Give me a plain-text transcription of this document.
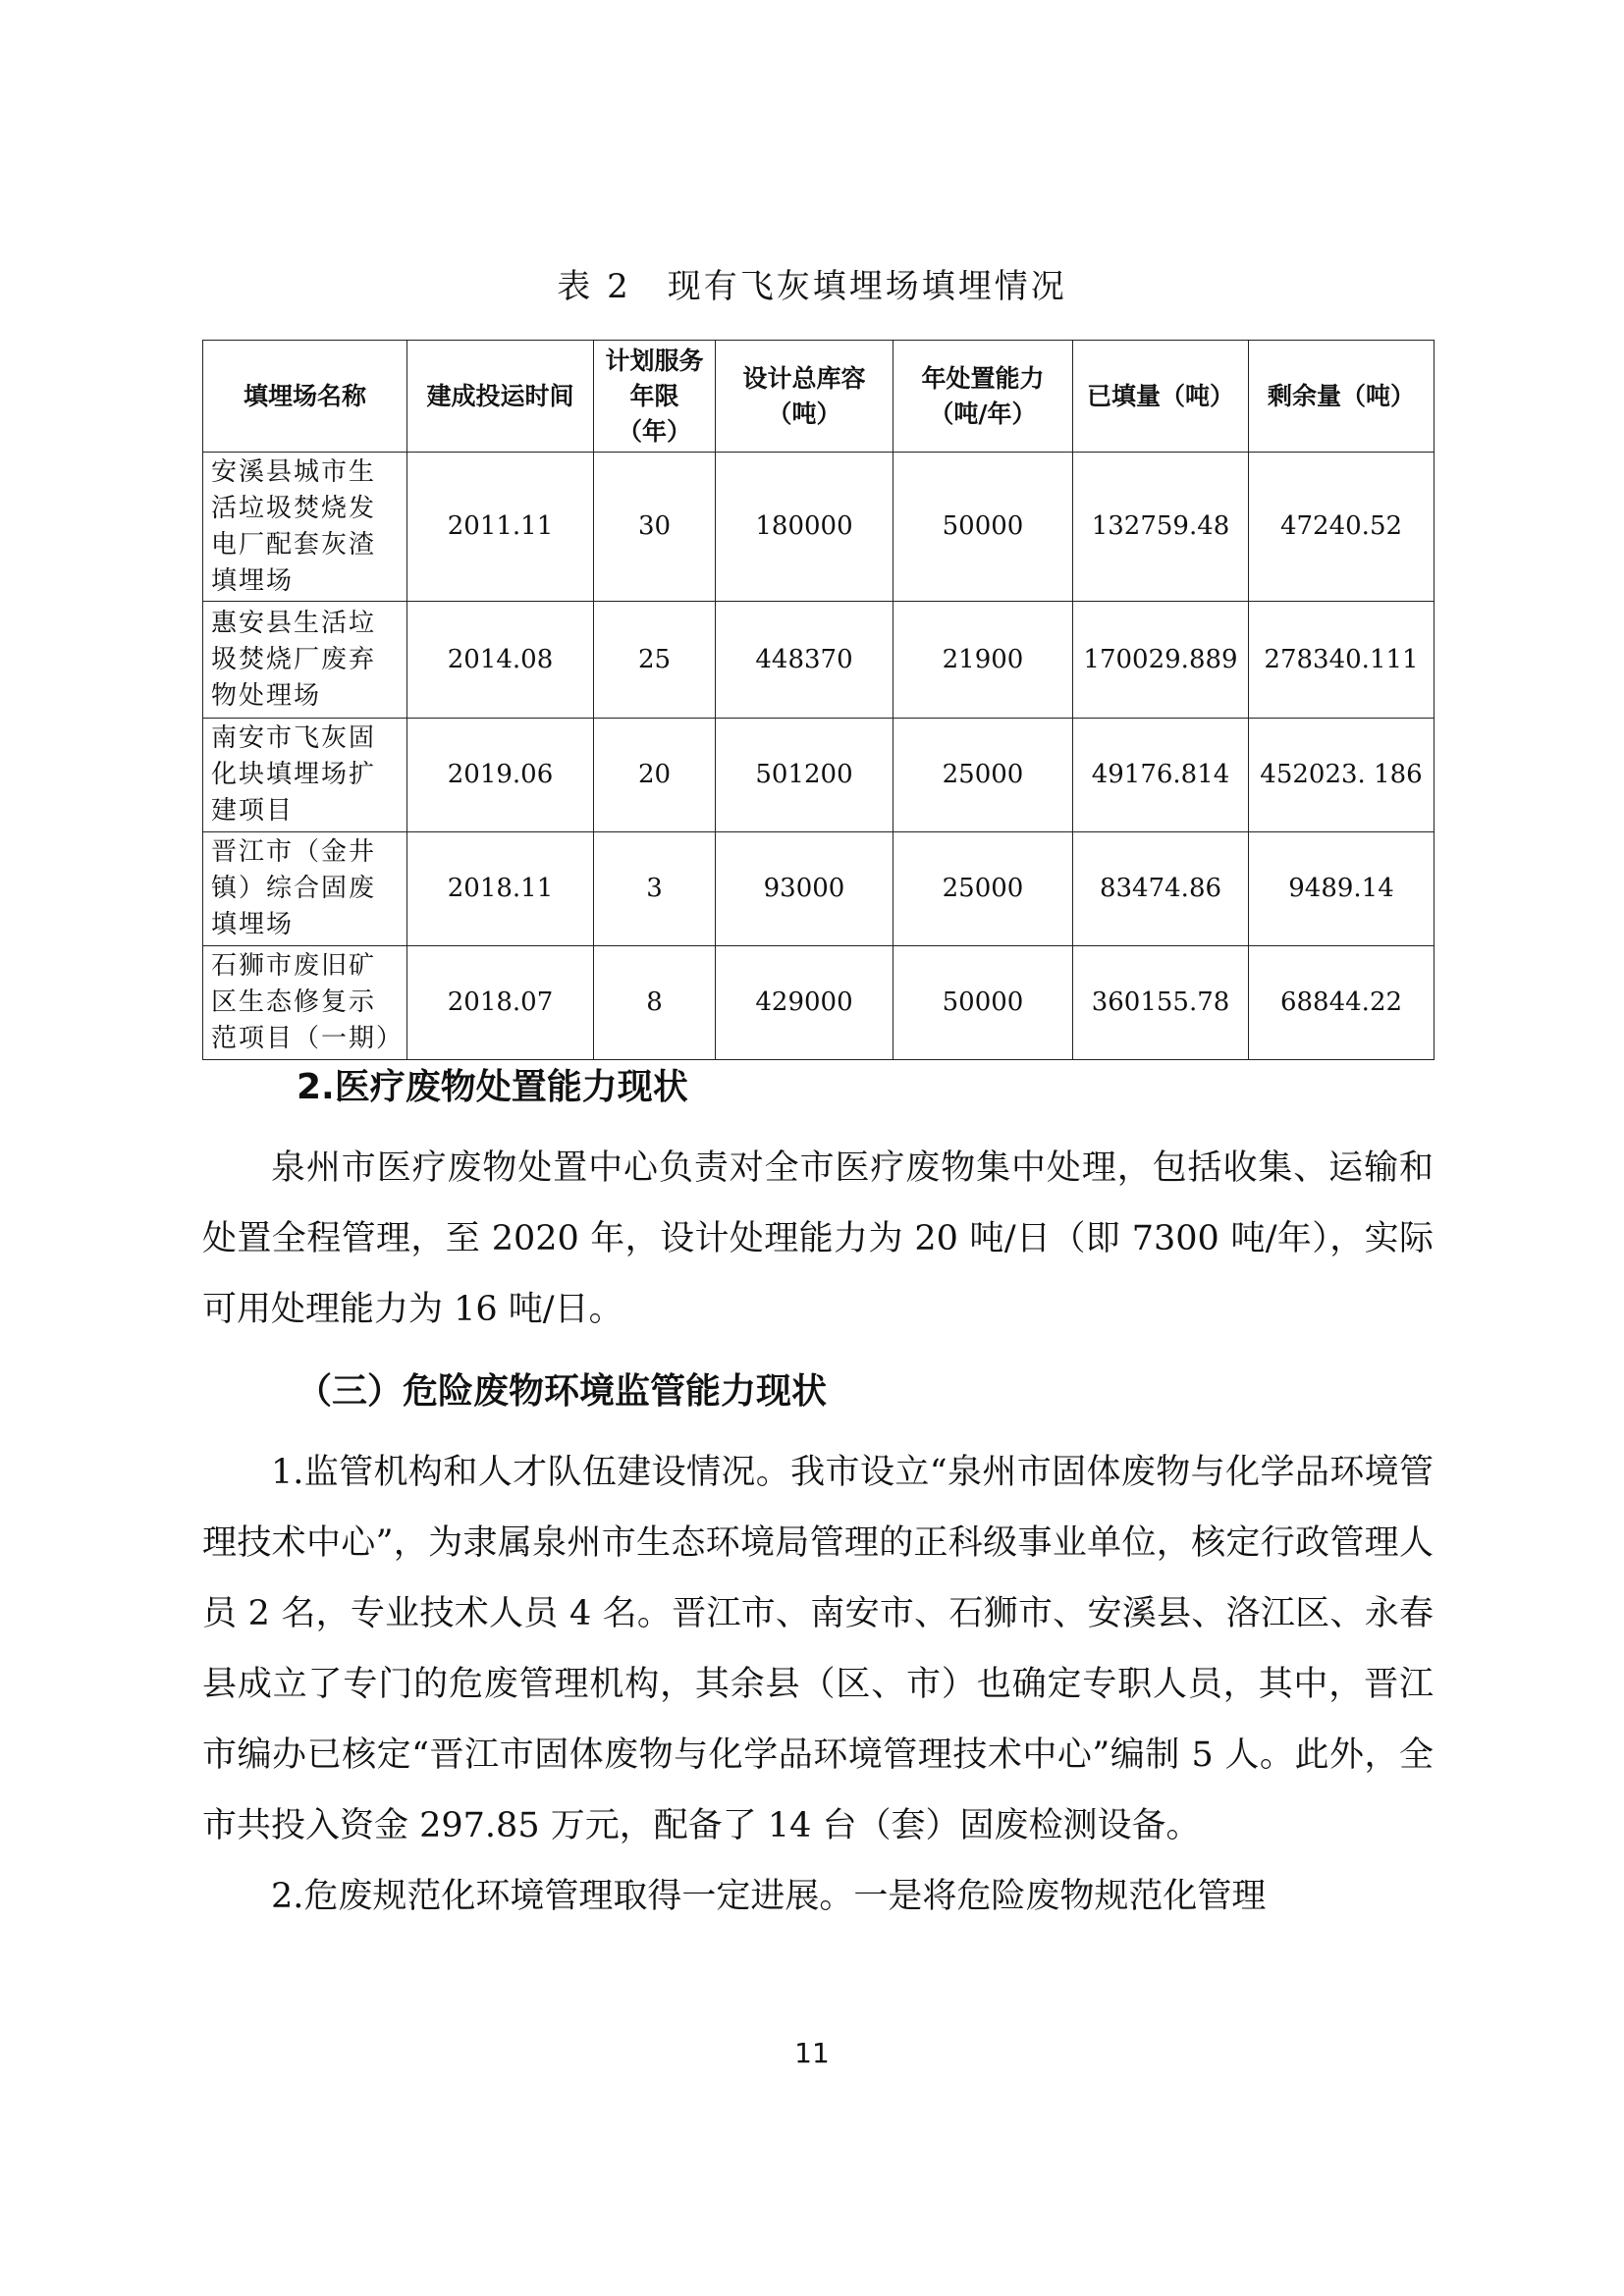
表 2　现有飞灰填埋场填埋情况
填埋场名称	建成投运时间	计划服务年限（年）	设计总库容（吨）	年处置能力（吨/年）	已填量（吨）	剩余量（吨）
安溪县城市生活垃圾焚烧发电厂配套灰渣填埋场	2011.11	30	180000	50000	132759.48	47240.52
惠安县生活垃圾焚烧厂废弃物处理场	2014.08	25	448370	21900	170029.889	278340.111
南安市飞灰固化块填埋场扩建项目	2019.06	20	501200	25000	49176.814	452023. 186
晋江市（金井镇）综合固废填埋场	2018.11	3	93000	25000	83474.86	9489.14
石狮市废旧矿区生态修复示范项目（一期）	2018.07	8	429000	50000	360155.78	68844.22
2.医疗废物处置能力现状

泉州市医疗废物处置中心负责对全市医疗废物集中处理，包括收集、运输和处置全程管理，至 2020 年，设计处理能力为 20 吨/日（即 7300 吨/年），实际可用处理能力为 16 吨/日。

（三）危险废物环境监管能力现状

1.监管机构和人才队伍建设情况。我市设立“泉州市固体废物与化学品环境管理技术中心”，为隶属泉州市生态环境局管理的正科级事业单位，核定行政管理人员 2 名，专业技术人员 4 名。晋江市、南安市、石狮市、安溪县、洛江区、永春县成立了专门的危废管理机构，其余县（区、市）也确定专职人员，其中，晋江市编办已核定“晋江市固体废物与化学品环境管理技术中心”编制 5 人。此外，全市共投入资金 297.85 万元，配备了 14 台（套）固废检测设备。

2.危废规范化环境管理取得一定进展。一是将危险废物规范化管理

11
